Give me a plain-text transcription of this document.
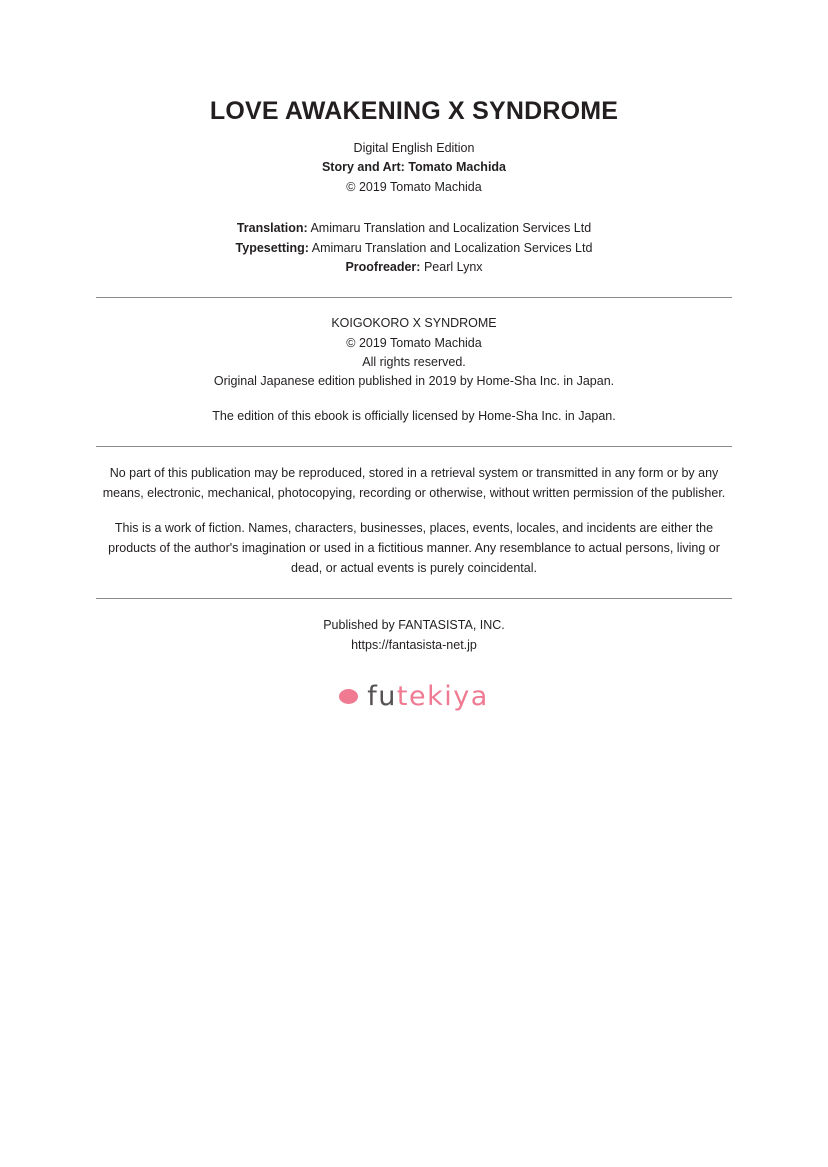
LOVE AWAKENING X SYNDROME

Digital English Edition

Story and Art: Tomato Machida

© 2019 Tomato Machida

Translation: Amimaru Translation and Localization Services Ltd

Typesetting: Amimaru Translation and Localization Services Ltd

Proofreader: Pearl Lynx

KOIGOKORO X SYNDROME

© 2019 Tomato Machida

All rights reserved.

Original Japanese edition published in 2019 by Home-Sha Inc. in Japan.

The edition of this ebook is officially licensed by Home-Sha Inc. in Japan.

No part of this publication may be reproduced, stored in a retrieval system or transmitted in any form or by any means, electronic, mechanical, photocopying, recording or otherwise, without written permission of the publisher.

This is a work of fiction. Names, characters, businesses, places, events, locales, and incidents are either the products of the author's imagination or used in a fictitious manner. Any resemblance to actual persons, living or dead, or actual events is purely coincidental.

Published by FANTASISTA, INC.

https://fantasista-net.jp

futekiya
